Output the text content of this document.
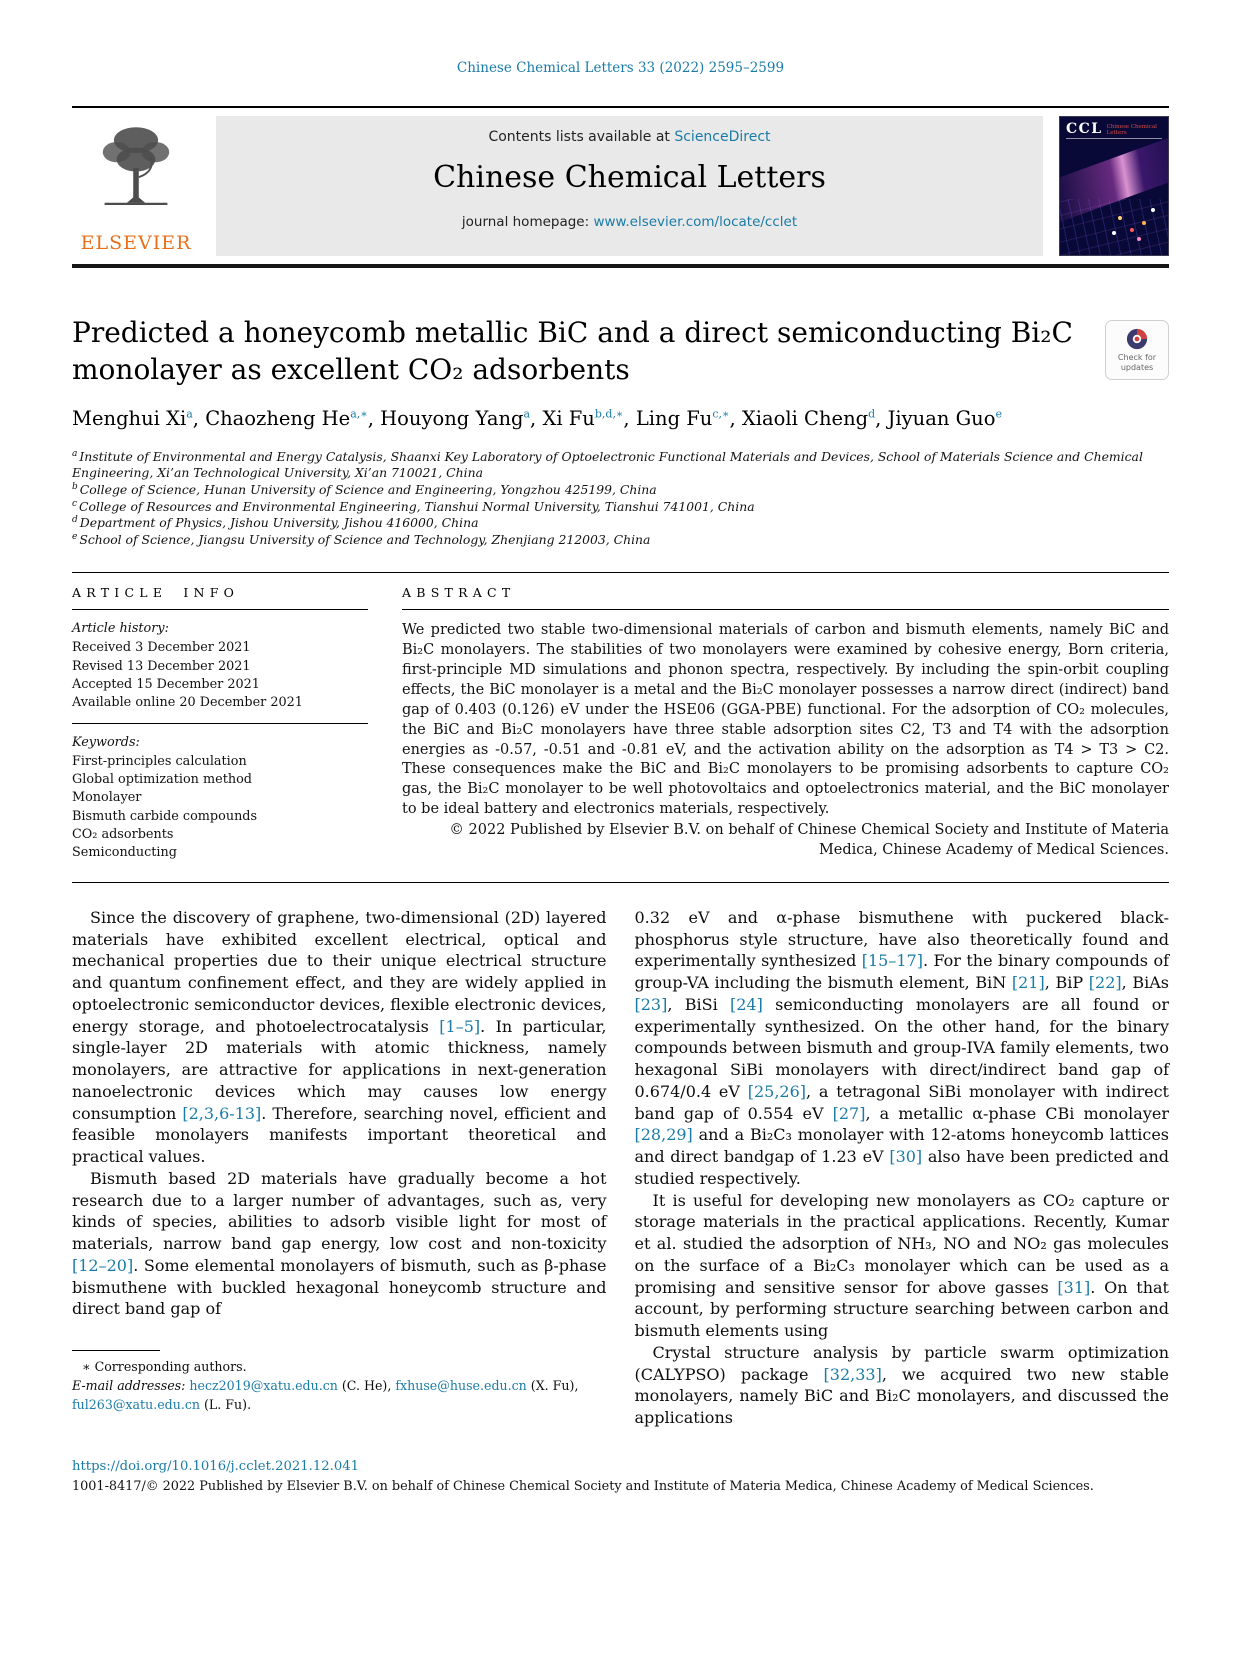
Chinese Chemical Letters 33 (2022) 2595–2599
ELSEVIER
Contents lists available at ScienceDirect
Chinese Chemical Letters
journal homepage: www.elsevier.com/locate/cclet
CCL Chinese Chemical Letters
Predicted a honeycomb metallic BiC and a direct semiconducting Bi₂C monolayer as excellent CO₂ adsorbents	Check for
updates
Menghui Xi$^a$, Chaozheng $He^{a,∗}$, Houyong Yang$^a$, Xi $Fu^{b,d,∗}$, Ling $Fu^{c,∗}$, Xiaoli Cheng$^d$, Jiyuan Guo$^e$
$^a$ Institute of Environmental and Energy Catalysis, Shaanxi Key Laboratory of Optoelectronic Functional Materials and Devices, School of Materials Science and Chemical Engineering, Xi’an Technological University, Xi’an 710021, China
$^b$ College of Science, Hunan University of Science and Engineering, Yongzhou 425199, China
$^c$ College of Resources and Environmental Engineering, Tianshui Normal University, Tianshui 741001, China
$^d$ Department of Physics, Jishou University, Jishou 416000, China
$^e$ School of Science, Jiangsu University of Science and Technology, Zhenjiang 212003, China
ARTICLE INFO
Article history:
Received 3 December 2021
Revised 13 December 2021
Accepted 15 December 2021
Available online 20 December 2021
Keywords:
First-principles calculation
Global optimization method
Monolayer
Bismuth carbide compounds
CO₂ adsorbents
Semiconducting
ABSTRACT
We predicted two stable two-dimensional materials of carbon and bismuth elements, namely BiC and Bi₂C monolayers. The stabilities of two monolayers were examined by cohesive energy, Born criteria, first-principle MD simulations and phonon spectra, respectively. By including the spin-orbit coupling effects, the BiC monolayer is a metal and the Bi₂C monolayer possesses a narrow direct (indirect) band gap of 0.403 (0.126) eV under the HSE06 (GGA-PBE) functional. For the adsorption of CO₂ molecules, the BiC and Bi₂C monolayers have three stable adsorption sites C2, T3 and T4 with the adsorption energies as -0.57, -0.51 and -0.81 eV, and the activation ability on the adsorption as T4 > T3 > C2. These consequences make the BiC and Bi₂C monolayers to be promising adsorbents to capture CO₂ gas, the Bi₂C monolayer to be well photovoltaics and optoelectronics material, and the BiC monolayer to be ideal battery and electronics materials, respectively.
© 2022 Published by Elsevier B.V. on behalf of Chinese Chemical Society and Institute of Materia Medica, Chinese Academy of Medical Sciences.

Since the discovery of graphene, two-dimensional (2D) layered materials have exhibited excellent electrical, optical and mechanical properties due to their unique electrical structure and quantum confinement effect, and they are widely applied in optoelectronic semiconductor devices, flexible electronic devices, energy storage, and photoelectrocatalysis [1–5]. In particular, single-layer 2D materials with atomic thickness, namely monolayers, are attractive for applications in next-generation nanoelectronic devices which may causes low energy consumption [2,3,6-13]. Therefore, searching novel, efficient and feasible monolayers manifests important theoretical and practical values.

Bismuth based 2D materials have gradually become a hot research due to a larger number of advantages, such as, very kinds of species, abilities to adsorb visible light for most of materials, narrow band gap energy, low cost and non-toxicity [12–20]. Some elemental monolayers of bismuth, such as β-phase bismuthene with buckled hexagonal honeycomb structure and direct band gap of

∗ Corresponding authors.
E-mail addresses: hecz2019@xatu.edu.cn (C. He), fxhuse@huse.edu.cn (X. Fu), ful263@xatu.edu.cn (L. Fu).

0.32 eV and α-phase bismuthene with puckered black-phosphorus style structure, have also theoretically found and experimentally synthesized [15–17]. For the binary compounds of group-VA including the bismuth element, BiN [21], BiP [22], BiAs [23], BiSi [24] semiconducting monolayers are all found or experimentally synthesized. On the other hand, for the binary compounds between bismuth and group-IVA family elements, two hexagonal SiBi monolayers with direct/indirect band gap of 0.674/0.4 eV [25,26], a tetragonal SiBi monolayer with indirect band gap of 0.554 eV [27], a metallic α-phase CBi monolayer [28,29] and a Bi₂C₃ monolayer with 12-atoms honeycomb lattices and direct bandgap of 1.23 eV [30] also have been predicted and studied respectively.

It is useful for developing new monolayers as CO₂ capture or storage materials in the practical applications. Recently, Kumar et al. studied the adsorption of NH₃, NO and NO₂ gas molecules on the surface of a Bi₂C₃ monolayer which can be used as a promising and sensitive sensor for above gasses [31]. On that account, by performing structure searching between carbon and bismuth elements using

Crystal structure analysis by particle swarm optimization (CALYPSO) package [32,33], we acquired two new stable monolayers, namely BiC and Bi₂C monolayers, and discussed the applications

https://doi.org/10.1016/j.cclet.2021.12.041
1001-8417/© 2022 Published by Elsevier B.V. on behalf of Chinese Chemical Society and Institute of Materia Medica, Chinese Academy of Medical Sciences.
